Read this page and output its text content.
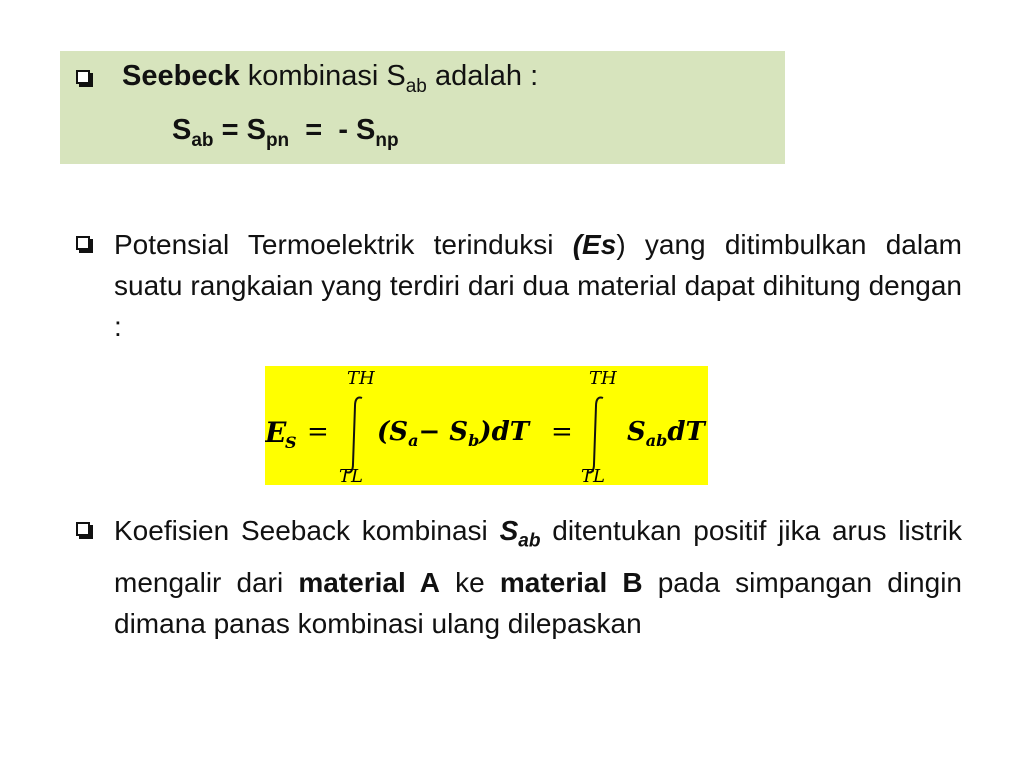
Seebeck kombinasi $S_{ab}$ adalah :
$S_{ab} = S_{pn}$  =  - $S_{np}$
Potensial Termoelektrik terinduksi (Es) yang ditimbulkan dalam suatu rangkaian yang terdiri dari dua material dapat dihitung dengan :
E
S =
TH
TL
$(S_a- S_b)dT$ =
TH
TL
$S_{ab}dT$
Koefisien Seeback kombinasi $S_{ab}$ ditentukan positif jika arus listrik mengalir dari material A ke material B pada simpangan dingin dimana panas kombinasi ulang dilepaskan
